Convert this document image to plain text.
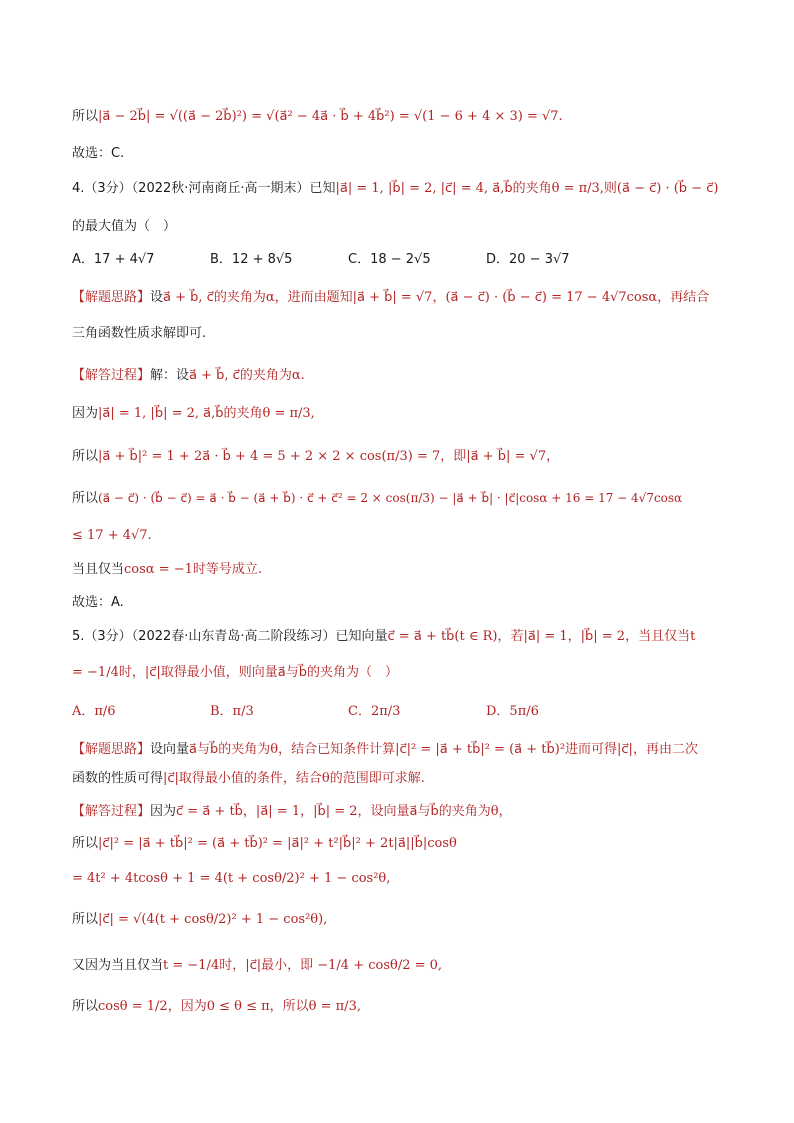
所以|a⃗ − 2b⃗| = √((a⃗ − 2b⃗)²) = √(a⃗² − 4a⃗ · b⃗ + 4b⃗²) = √(1 − 6 + 4 × 3) = √7.
故选：C.
4.（3分）（2022秋·河南商丘·高一期末）已知|a⃗| = 1, |b⃗| = 2, |c⃗| = 4, a⃗,b⃗的夹角θ = π/3,则(a⃗ − c⃗) · (b⃗ − c⃗)
的最大值为（　）
A．17 + 4√7	B．12 + 8√5	C．18 − 2√5	D．20 − 3√7
【解题思路】设a⃗ + b⃗, c⃗的夹角为α，进而由题知|a⃗ + b⃗| = √7，(a⃗ − c⃗) · (b⃗ − c⃗) = 17 − 4√7cosα，再结合
三角函数性质求解即可.
【解答过程】解：设a⃗ + b⃗, c⃗的夹角为α.
因为|a⃗| = 1, |b⃗| = 2, a⃗,b⃗的夹角θ = π/3,
所以|a⃗ + b⃗|² = 1 + 2a⃗ · b⃗ + 4 = 5 + 2 × 2 × cos(π/3) = 7，即|a⃗ + b⃗| = √7，
所以(a⃗ − c⃗) · (b⃗ − c⃗) = a⃗ · b⃗ − (a⃗ + b⃗) · c⃗ + c⃗² = 2 × cos(π/3) − |a⃗ + b⃗| · |c⃗|cosα + 16 = 17 − 4√7cosα
≤ 17 + 4√7.
当且仅当cosα = −1时等号成立.
故选：A.
5.（3分）（2022春·山东青岛·高二阶段练习）已知向量c⃗ = a⃗ + tb⃗(t ∈ R)，若|a⃗| = 1，|b⃗| = 2，当且仅当t
= −1/4时，|c⃗|取得最小值，则向量a⃗与b⃗的夹角为（　）
A．π/6	B．π/3	C．2π/3	D．5π/6
【解题思路】设向量a⃗与b⃗的夹角为θ，结合已知条件计算|c⃗|² = |a⃗ + tb⃗|² = (a⃗ + tb⃗)²进而可得|c⃗|，再由二次
函数的性质可得|c⃗|取得最小值的条件，结合θ的范围即可求解.
【解答过程】因为c⃗ = a⃗ + tb⃗，|a⃗| = 1，|b⃗| = 2，设向量a⃗与b⃗的夹角为θ，
所以|c⃗|² = |a⃗ + tb⃗|² = (a⃗ + tb⃗)² = |a⃗|² + t²|b⃗|² + 2t|a⃗||b⃗|cosθ
= 4t² + 4tcosθ + 1 = 4(t + cosθ/2)² + 1 − cos²θ,
所以|c⃗| = √(4(t + cosθ/2)² + 1 − cos²θ),
又因为当且仅当t = −1/4时，|c⃗|最小，即 −1/4 + cosθ/2 = 0,
所以cosθ = 1/2，因为0 ≤ θ ≤ π，所以θ = π/3,
